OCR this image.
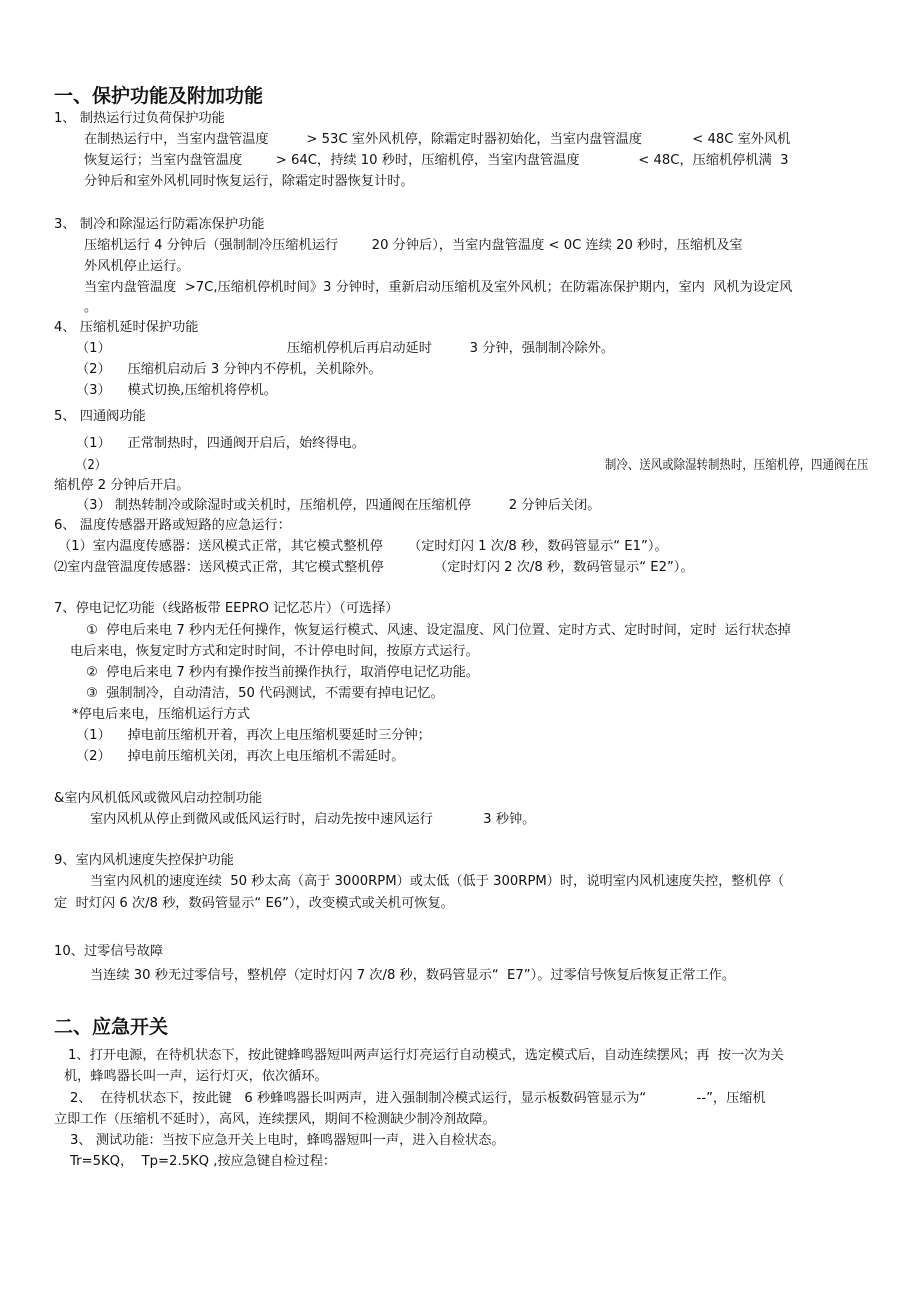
一、保护功能及附加功能
1、 制热运行过负荷保护功能
在制热运行中，当室内盘管温度         > 53C 室外风机停，除霜定时器初始化，当室内盘管温度            < 48C 室外风机
恢复运行；当室内盘管温度        > 64C，持续 10 秒时，压缩机停，当室内盘管温度              < 48C，压缩机停机满  3
分钟后和室外风机同时恢复运行，除霜定时器恢复计时。
3、 制冷和除湿运行防霜冻保护功能
压缩机运行 4 分钟后（强制制冷压缩机运行        20 分钟后），当室内盘管温度 < 0C 连续 20 秒时，压缩机及室
外风机停止运行。
当室内盘管温度  >7C,压缩机停机时间》3 分钟时，重新启动压缩机及室外风机；在防霜冻保护期内，室内  风机为设定风
。
4、 压缩机延时保护功能
（1）                                          压缩机停机后再启动延时         3 分钟，强制制冷除外。
（2）    压缩机启动后 3 分钟内不停机，关机除外。
（3）    模式切换,压缩机将停机。
5、 四通阀功能
（1）    正常制热时，四通阀开启后，始终得电。
（2）                                                                                                                                         制冷、送风或除湿转制热时，压缩机停，四通阀在压
缩机停 2 分钟后开启。
（3） 制热转制冷或除湿时或关机时，压缩机停，四通阀在压缩机停         2 分钟后关闭。
6、 温度传感器开路或短路的应急运行：
（1）室内温度传感器：送风模式正常，其它模式整机停      （定时灯闪 1 次/8 秒，数码管显示“ E1”）。
⑵室内盘管温度传感器：送风模式正常，其它模式整机停            （定时灯闪 2 次/8 秒，数码管显示“ E2”）。
7、停电记忆功能（线路板带 EEPRO 记忆芯片）（可选择）
①  停电后来电 7 秒内无任何操作，恢复运行模式、风速、设定温度、风门位置、定时方式、定时时间，定时  运行状态掉
电后来电，恢复定时方式和定时时间，不计停电时间，按原方式运行。
②  停电后来电 7 秒内有操作按当前操作执行，取消停电记忆功能。
③  强制制冷，自动清洁，50 代码测试，不需要有掉电记忆。
*停电后来电，压缩机运行方式
（1）    掉电前压缩机开着，再次上电压缩机要延时三分钟；
（2）    掉电前压缩机关闭，再次上电压缩机不需延时。
&室内风机低风或微风启动控制功能
室内风机从停止到微风或低风运行时，启动先按中速风运行            3 秒钟。
9、室内风机速度失控保护功能
当室内风机的速度连续  50 秒太高（高于 3000RPM）或太低（低于 300RPM）时，说明室内风机速度失控，整机停（
定  时灯闪 6 次/8 秒，数码管显示“ E6”），改变模式或关机可恢复。
10、过零信号故障
当连续 30 秒无过零信号，整机停（定时灯闪 7 次/8 秒，数码管显示“  E7”）。过零信号恢复后恢复正常工作。
二、应急开关
1、打开电源，在待机状态下，按此键蜂鸣器短叫两声运行灯亮运行自动模式，选定模式后，自动连续摆风；再  按一次为关
机，蜂鸣器长叫一声，运行灯灭，依次循环。
2、  在待机状态下，按此键   6 秒蜂鸣器长叫两声，进入强制制冷模式运行，显示板数码管显示为“            --”，压缩机
立即工作（压缩机不延时），高风，连续摆风，期间不检测缺少制冷剂故障。
3、 测试功能：当按下应急开关上电时，蜂鸣器短叫一声，进入自检状态。
Tr=5KQ，  Tp=2.5KQ ,按应急键自检过程：
